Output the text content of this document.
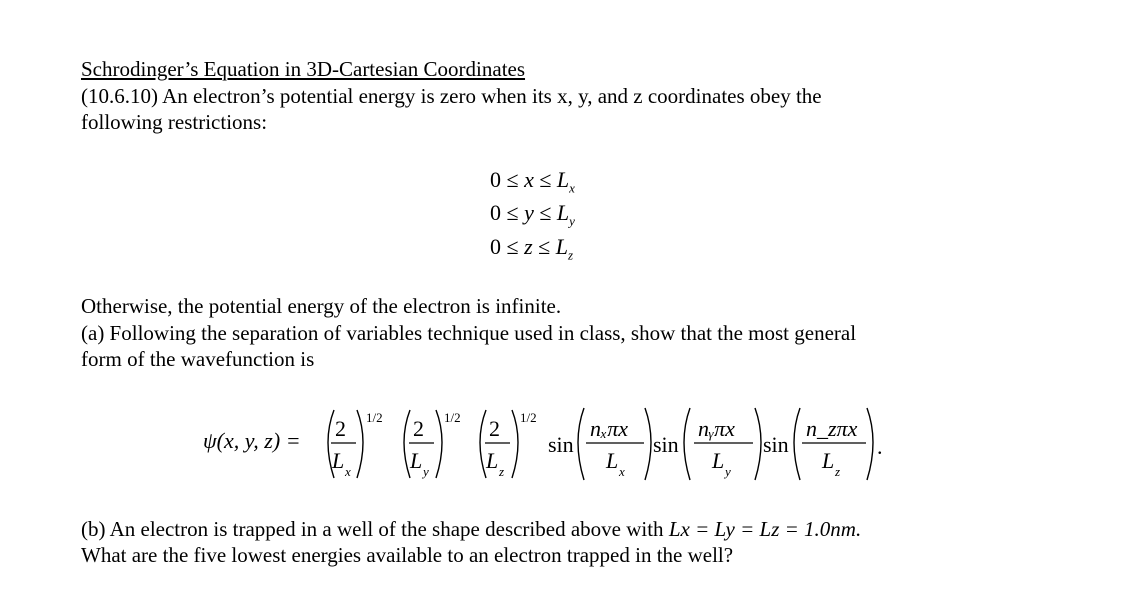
Schrodinger’s Equation in 3D-Cartesian Coordinates
(10.6.10) An electron’s potential energy is zero when its x, y, and z coordinates obey the
following restrictions:
$0 \le x \le L_x$
$0 \le y \le L_y$
$0 \le z \le L_z$
Otherwise, the potential energy of the electron is infinite.
(a) Following the separation of variables technique used in class, show that the most general
form of the wavefunction is
ψ(x, y, z) = 2
L x
1/2 2
L y
1/2 2
L z
1/2
sin
nₓπx
L x
sin
nᵧπx
L y
sin
n_zπx
L z
.
(b) An electron is trapped in a well of the shape described above with Lx = Ly = Lz = 1.0nm.
What are the five lowest energies available to an electron trapped in the well?
